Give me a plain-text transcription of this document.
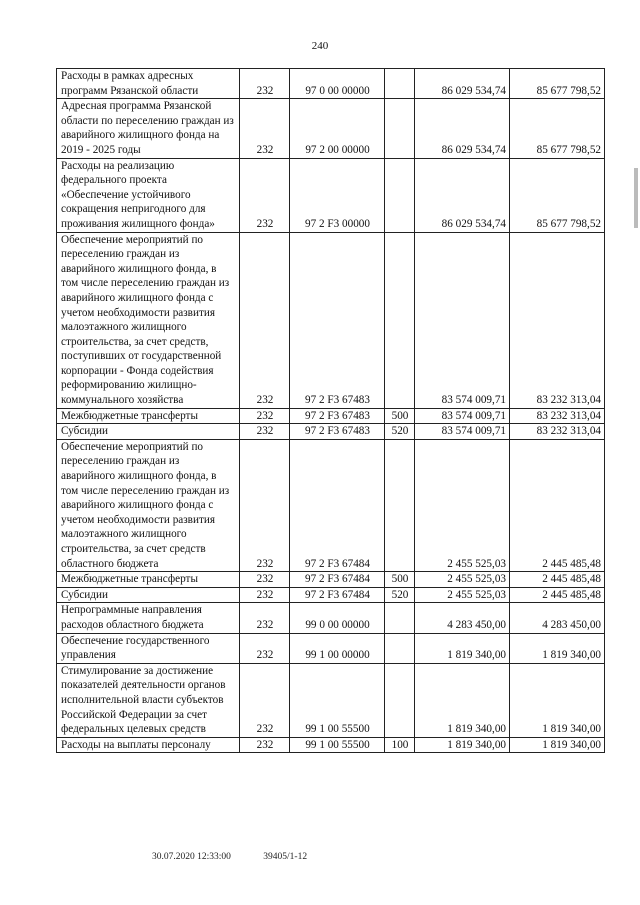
240
Расходы в рамках адресных программ Рязанской области	232	97 0 00 00000		86 029 534,74	85 677 798,52
Адресная программа Рязанской области по переселению граждан из аварийного жилищного фонда на 2019 - 2025 годы	232	97 2 00 00000		86 029 534,74	85 677 798,52
Расходы на реализацию федерального проекта «Обеспечение устойчивого сокращения непригодного для проживания жилищного фонда»	232	97 2 F3 00000		86 029 534,74	85 677 798,52
Обеспечение мероприятий по переселению граждан из аварийного жилищного фонда, в том числе переселению граждан из аварийного жилищного фонда с учетом необходимости развития малоэтажного жилищного строительства, за счет средств, поступивших от государственной корпорации - Фонда содействия реформированию жилищно-коммунального хозяйства	232	97 2 F3 67483		83 574 009,71	83 232 313,04
Межбюджетные трансферты	232	97 2 F3 67483	500	83 574 009,71	83 232 313,04
Субсидии	232	97 2 F3 67483	520	83 574 009,71	83 232 313,04
Обеспечение мероприятий по переселению граждан из аварийного жилищного фонда, в том числе переселению граждан из аварийного жилищного фонда с учетом необходимости развития малоэтажного жилищного строительства, за счет средств областного бюджета	232	97 2 F3 67484		2 455 525,03	2 445 485,48
Межбюджетные трансферты	232	97 2 F3 67484	500	2 455 525,03	2 445 485,48
Субсидии	232	97 2 F3 67484	520	2 455 525,03	2 445 485,48
Непрограммные направления расходов областного бюджета	232	99 0 00 00000		4 283 450,00	4 283 450,00
Обеспечение государственного управления	232	99 1 00 00000		1 819 340,00	1 819 340,00
Стимулирование за достижение показателей деятельности органов исполнительной власти субъектов Российской Федерации за счет федеральных целевых средств	232	99 1 00 55500		1 819 340,00	1 819 340,00
Расходы на выплаты персоналу	232	99 1 00 55500	100	1 819 340,00	1 819 340,00
30.07.2020 12:33:00	39405/1-12
